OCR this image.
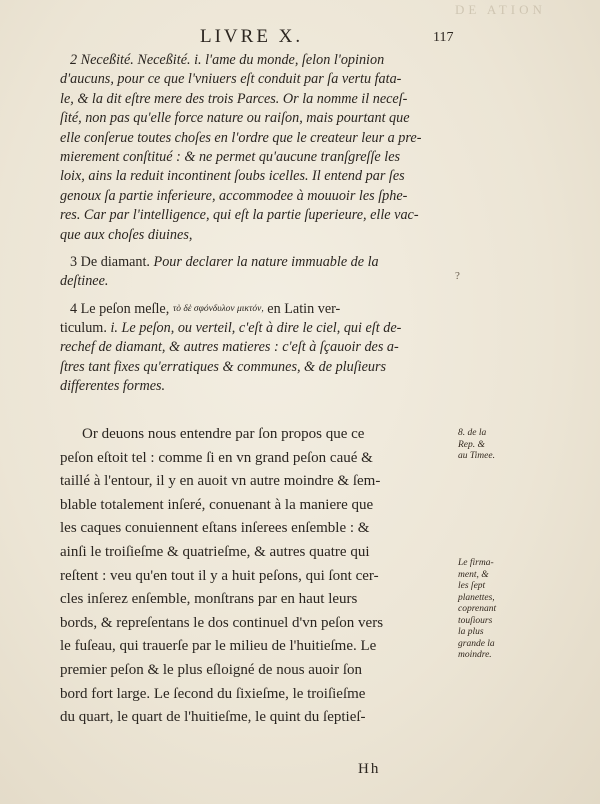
DE ATION
LIVRE X.	117
2 Neceßité. Neceßité. i. l'ame du monde, ſelon l'opinion
d'aucuns, pour ce que l'vniuers eſt conduit par ſa vertu fata-
le, & la dit eſtre mere des trois Parces. Or la nomme il neceſ-
ſité, non pas qu'elle force nature ou raiſon, mais pourtant que
elle conſerue toutes choſes en l'ordre que le createur leur a pre-
mierement conſtitué : & ne permet qu'aucune tranſgreſſe les
loix, ains la reduit incontinent ſoubs icelles. Il entend par ſes
genoux ſa partie inferieure, accommodee à mouuoir les ſphe-
res. Car par l'intelligence, qui eſt la partie ſuperieure, elle vac-
que aux choſes diuines,
3 De diamant. Pour declarer la nature immuable de la
deſtinee.
4 Le peſon meſle, τὸ δὲ σφόνδυλον μικτόν, en Latin ver-
ticulum. i. Le peſon, ou verteil, c'eſt à dire le ciel, qui eſt de-
rechef de diamant, & autres matieres : c'eſt à ſçauoir des a-
ſtres tant fixes qu'erratiques & communes, & de pluſieurs
differentes formes.
Or deuons nous entendre par ſon propos que ce
peſon eſtoit tel : comme ſi en vn grand peſon caué &
taillé à l'entour, il y en auoit vn autre moindre & ſem-
blable totalement inſeré, conuenant à la maniere que
les caques conuiennent eſtans inſerees enſemble : &
ainſi le troiſieſme & quatrieſme, & autres quatre qui
reſtent : veu qu'en tout il y a huit peſons, qui ſont cer-
cles inſerez enſemble, monſtrans par en haut leurs
bords, & repreſentans le dos continuel d'vn peſon vers
le fuſeau, qui trauerſe par le milieu de l'huitieſme. Le
premier peſon & le plus eſloigné de nous auoir ſon
bord fort large. Le ſecond du ſixieſme, le troiſieſme
du quart, le quart de l'huitieſme, le quint du ſeptieſ-
8. de la
Rep. &
au Timee.
Le firma-
ment, &
les ſept
planettes,
coprenant
touſiours
la plus
grande la
moindre.
?
Hh
